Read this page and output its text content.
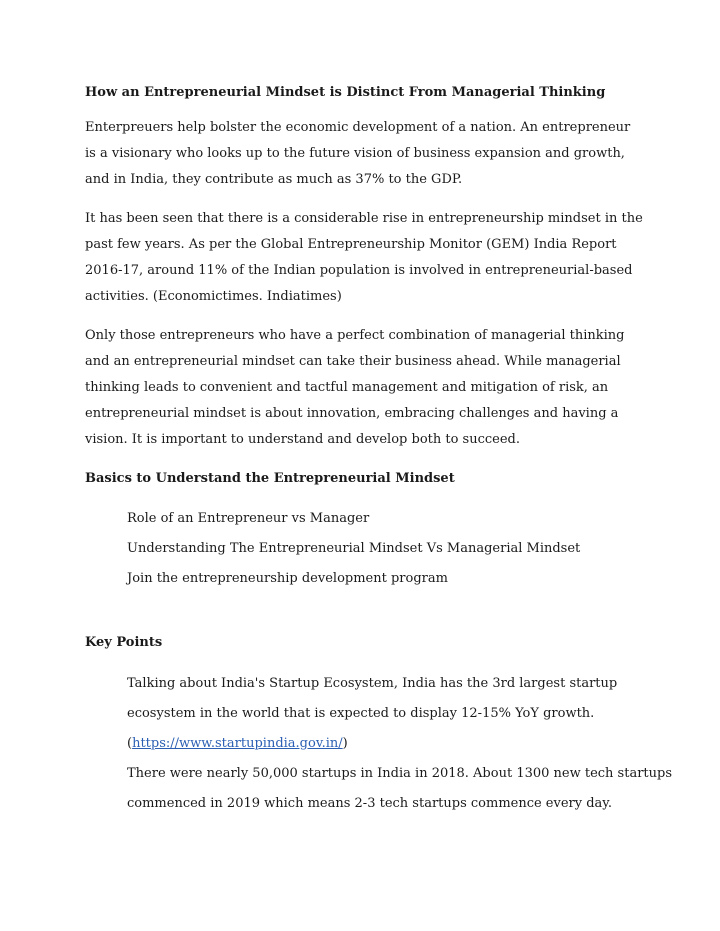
How an Entrepreneurial Mindset is Distinct From Managerial Thinking
Enterpreuers help bolster the economic development of a nation. An entrepreneur is a visionary who looks up to the future vision of business expansion and growth, and in India, they contribute as much as 37% to the GDP.
It has been seen that there is a considerable rise in entrepreneurship mindset in the past few years. As per the Global Entrepreneurship Monitor (GEM) India Report 2016-17, around 11% of the Indian population is involved in entrepreneurial-based activities. (Economictimes. Indiatimes)
Only those entrepreneurs who have a perfect combination of managerial thinking and an entrepreneurial mindset can take their business ahead. While managerial thinking leads to convenient and tactful management and mitigation of risk, an entrepreneurial mindset is about innovation, embracing challenges and having a vision. It is important to understand and develop both to succeed.
Basics to Understand the Entrepreneurial Mindset
Role of an Entrepreneur vs Manager
Understanding The Entrepreneurial Mindset Vs Managerial Mindset
Join the entrepreneurship development program
Key Points
Talking about India's Startup Ecosystem, India has the 3rd largest startup
ecosystem in the world that is expected to display 12-15% YoY growth.
(https://www.startupindia.gov.in/)
There were nearly 50,000 startups in India in 2018. About 1300 new tech startups
commenced in 2019 which means 2-3 tech startups commence every day.
